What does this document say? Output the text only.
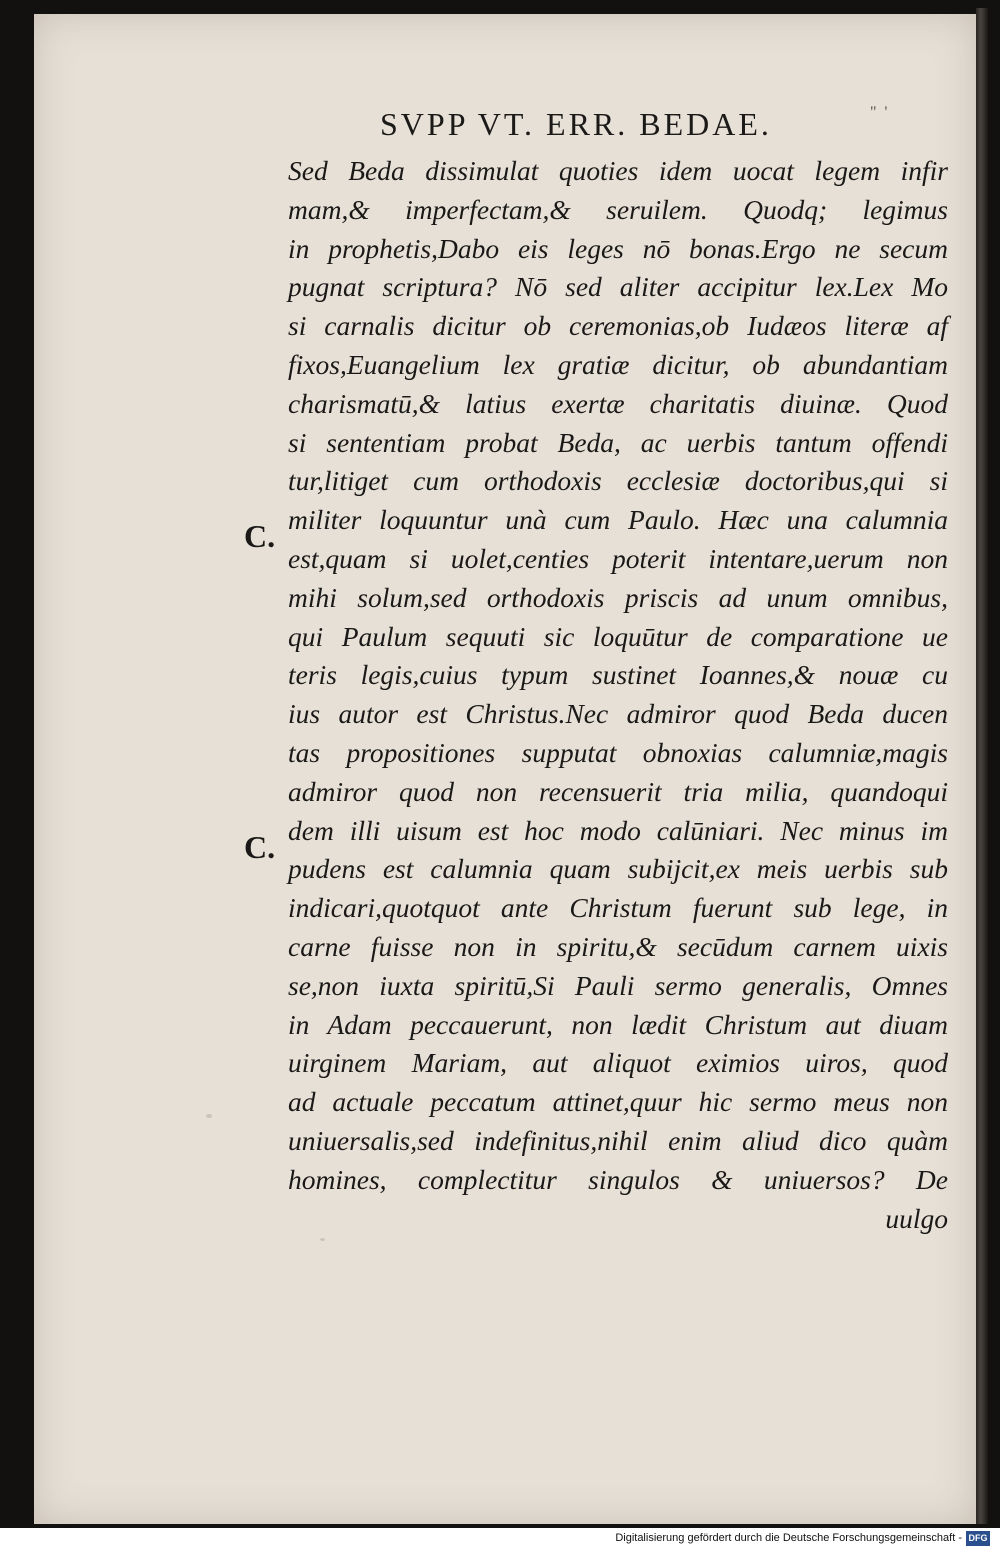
SVPP VT. ERR. BEDAE.	" '
C.
C.
Sed Beda dissimulat quoties idem uocat legem infir
mam,& imperfectam,& seruilem. Quodq; legimus
in prophetis,Dabo eis leges nō bonas.Ergo ne secum
pugnat scriptura? Nō sed aliter accipitur lex.Lex Mo
si carnalis dicitur ob ceremonias,ob Iudæos literæ af
fixos,Euangelium lex gratiæ dicitur, ob abundantiam
charismatū,& latius exertæ charitatis diuinæ. Quod
si sententiam probat Beda, ac uerbis tantum offendi
tur,litiget cum orthodoxis ecclesiæ doctoribus,qui si
militer loquuntur unà cum Paulo. Hæc una calumnia
est,quam si uolet,centies poterit intentare,uerum non
mihi solum,sed orthodoxis priscis ad unum omnibus,
qui Paulum sequuti sic loquūtur de comparatione ue
teris legis,cuius typum sustinet Ioannes,& nouæ cu
ius autor est Christus.Nec admiror quod Beda ducen
tas propositiones supputat obnoxias calumniæ,magis
admiror quod non recensuerit tria milia, quandoqui
dem illi uisum est hoc modo calūniari. Nec minus im
pudens est calumnia quam subijcit,ex meis uerbis sub
indicari,quotquot ante Christum fuerunt sub lege, in
carne fuisse non in spiritu,& secūdum carnem uixis
se,non iuxta spiritū,Si Pauli sermo generalis, Omnes
in Adam peccauerunt, non lædit Christum aut diuam
uirginem Mariam, aut aliquot eximios uiros, quod
ad actuale peccatum attinet,quur hic sermo meus non
uniuersalis,sed indefinitus,nihil enim aliud dico quàm
homines, complectitur singulos & uniuersos? De
uulgo
Digitalisierung gefördert durch die Deutsche Forschungsgemeinschaft - DFG
